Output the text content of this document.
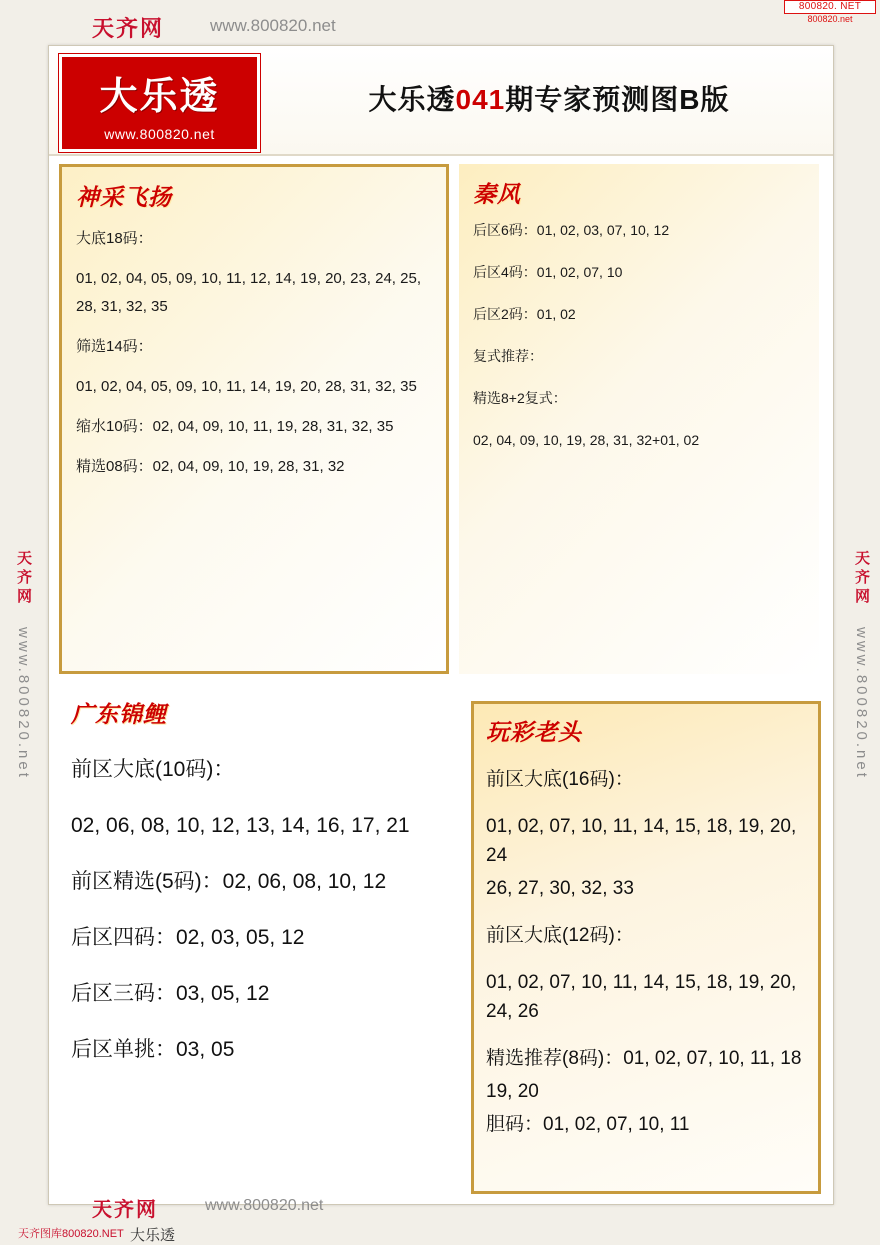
800820. NET
800820.net
天齐网	www.800820.net
天齐网 www.800820.net
天齐网 www.800820.net
大乐透
www.800820.net
大乐透041期专家预测图B版
神采飞扬
大底18码：
01, 02, 04, 05, 09, 10, 11, 12, 14, 19, 20, 23, 24, 25,
28, 31, 32, 35
筛选14码：
01, 02, 04, 05, 09, 10, 11, 14, 19, 20, 28, 31, 32, 35
缩水10码：02, 04, 09, 10, 11, 19, 28, 31, 32, 35
精选08码：02, 04, 09, 10, 19, 28, 31, 32
秦风
后区6码：01, 02, 03, 07, 10, 12
后区4码：01, 02, 07, 10
后区2码：01, 02
复式推荐：
精选8+2复式：
02, 04, 09, 10, 19, 28, 31, 32+01, 02
广东锦鲤
前区大底(10码)：
02, 06, 08, 10, 12, 13, 14, 16, 17, 21
前区精选(5码)：02, 06, 08, 10, 12
后区四码：02, 03, 05, 12
后区三码：03, 05, 12
后区单挑：03, 05
玩彩老头
前区大底(16码)：
01, 02, 07, 10, 11, 14, 15, 18, 19, 20, 24
26, 27, 30, 32, 33
前区大底(12码)：
01, 02, 07, 10, 11, 14, 15, 18, 19, 20, 24, 26
精选推荐(8码)：01, 02, 07, 10, 11, 18
19, 20
胆码：01, 02, 07, 10, 11
天齐网	www.800820.net
天齐图库800820.NET 大乐透
